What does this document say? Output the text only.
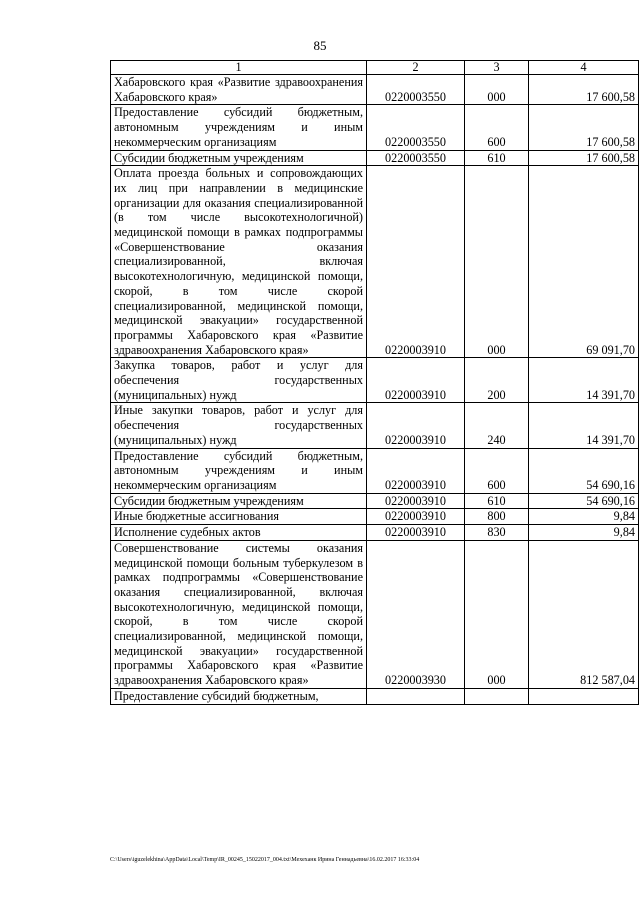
85
1	2	3	4
Хабаровского края «Развитие здравоохранения Хабаровского края»	0220003550	000	17 600,58
Предоставление субсидий бюджетным, автономным учреждениям и иным некоммерческим организациям	0220003550	600	17 600,58
Субсидии бюджетным учреждениям	0220003550	610	17 600,58
Оплата проезда больных и сопровождающих их лиц при направлении в медицинские организации для оказания специализированной (в том числе высокотехнологичной) медицинской помощи в рамках подпрограммы «Совершенствование оказания специализированной, включая высокотехнологичную, медицинской помощи, скорой, в том числе скорой специализированной, медицинской помощи, медицинской эвакуации» государственной программы Хабаровского края «Развитие здравоохранения Хабаровского края»	0220003910	000	69 091,70
Закупка товаров, работ и услуг для обеспечения государственных (муниципальных) нужд	0220003910	200	14 391,70
Иные закупки товаров, работ и услуг для обеспечения государственных (муниципальных) нужд	0220003910	240	14 391,70
Предоставление субсидий бюджетным, автономным учреждениям и иным некоммерческим организациям	0220003910	600	54 690,16
Субсидии бюджетным учреждениям	0220003910	610	54 690,16
Иные бюджетные ассигнования	0220003910	800	9,84
Исполнение судебных актов	0220003910	830	9,84
Совершенствование системы оказания медицинской помощи больным туберкулезом в рамках подпрограммы «Совершенствование оказания специализированной, включая высокотехнологичную, медицинской помощи, скорой, в том числе скорой специализированной, медицинской помощи, медицинской эвакуации» государственной программы Хабаровского края «Развитие здравоохранения Хабаровского края»	0220003930	000	812 587,04
Предоставление субсидий бюджетным,			
C:\Users\iguzelekhina\AppData\Local\Temp\IR_00245_15022017_004.txt\Мехеханк Ирина Геннадьевна\16.02.2017 16:33:04
